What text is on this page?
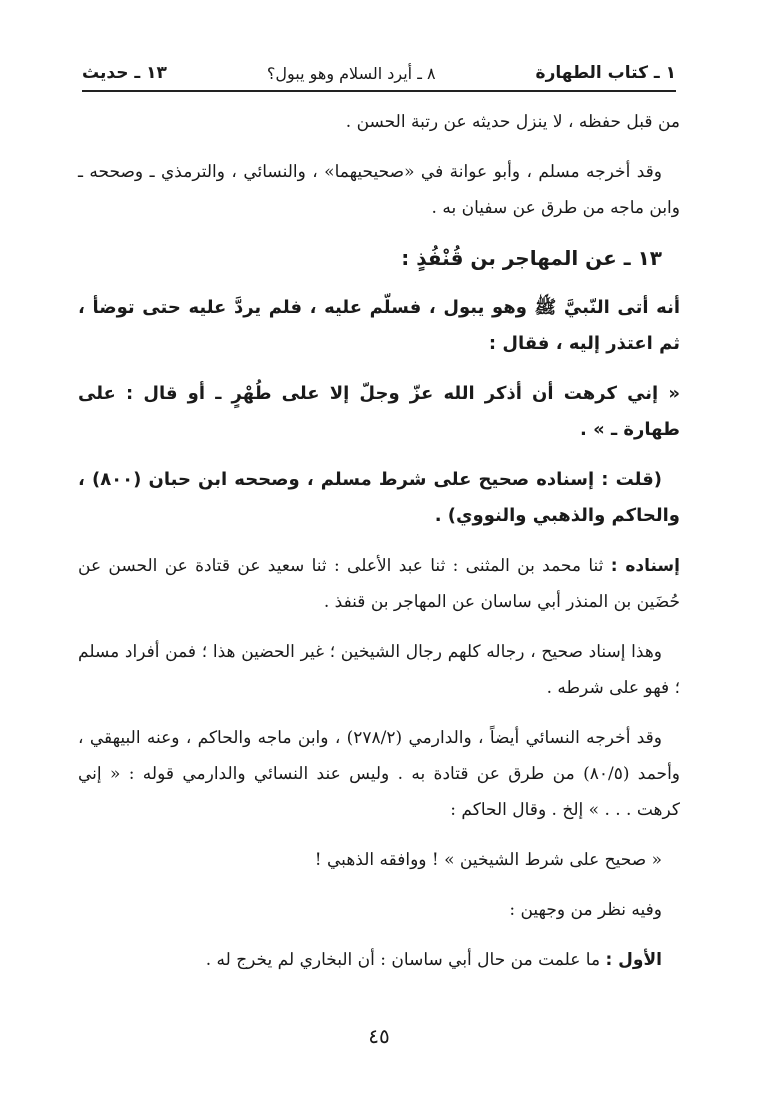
١ ـ كتاب الطهارة
٨ ـ أيرد السلام وهو يبول؟
١٣ ـ حديث

من قبل حفظه ، لا ينزل حديثه عن رتبة الحسن .

وقد أخرجه مسلم ، وأبو عوانة في «صحيحيهما» ، والنسائي ، والترمذي ـ وصححه ـ وابن ماجه من طرق عن سفيان به .

١٣ ـ عن المهاجر بن قُنْفُذٍ :

أنه أتى النّبيَّ ﷺ وهو يبول ، فسلّم عليه ، فلم يردَّ عليه حتى توضأ ، ثم اعتذر إليه ، فقال :

« إني كرهت أن أذكر الله عزّ وجلّ إلا على طُهْرٍ ـ أو قال : على طهارة ـ » .

(قلت : إسناده صحيح على شرط مسلم ، وصححه ابن حبان (٨٠٠) ، والحاكم والذهبي والنووي) .

إسناده : ثنا محمد بن المثنى : ثنا عبد الأعلى : ثنا سعيد عن قتادة عن الحسن عن حُضَين بن المنذر أبي ساسان عن المهاجر بن قنفذ .

وهذا إسناد صحيح ، رجاله كلهم رجال الشيخين ؛ غير الحضين هذا ؛ فمن أفراد مسلم ؛ فهو على شرطه .

وقد أخرجه النسائي أيضاً ، والدارمي (٢٧٨/٢) ، وابن ماجه والحاكم ، وعنه البيهقي ، وأحمد (٨٠/٥) من طرق عن قتادة به . وليس عند النسائي والدارمي قوله : « إني كرهت . . . » إلخ . وقال الحاكم :

« صحيح على شرط الشيخين » ! ووافقه الذهبي !

وفيه نظر من وجهين :

الأول : ما علمت من حال أبي ساسان : أن البخاري لم يخرج له .

٤٥
